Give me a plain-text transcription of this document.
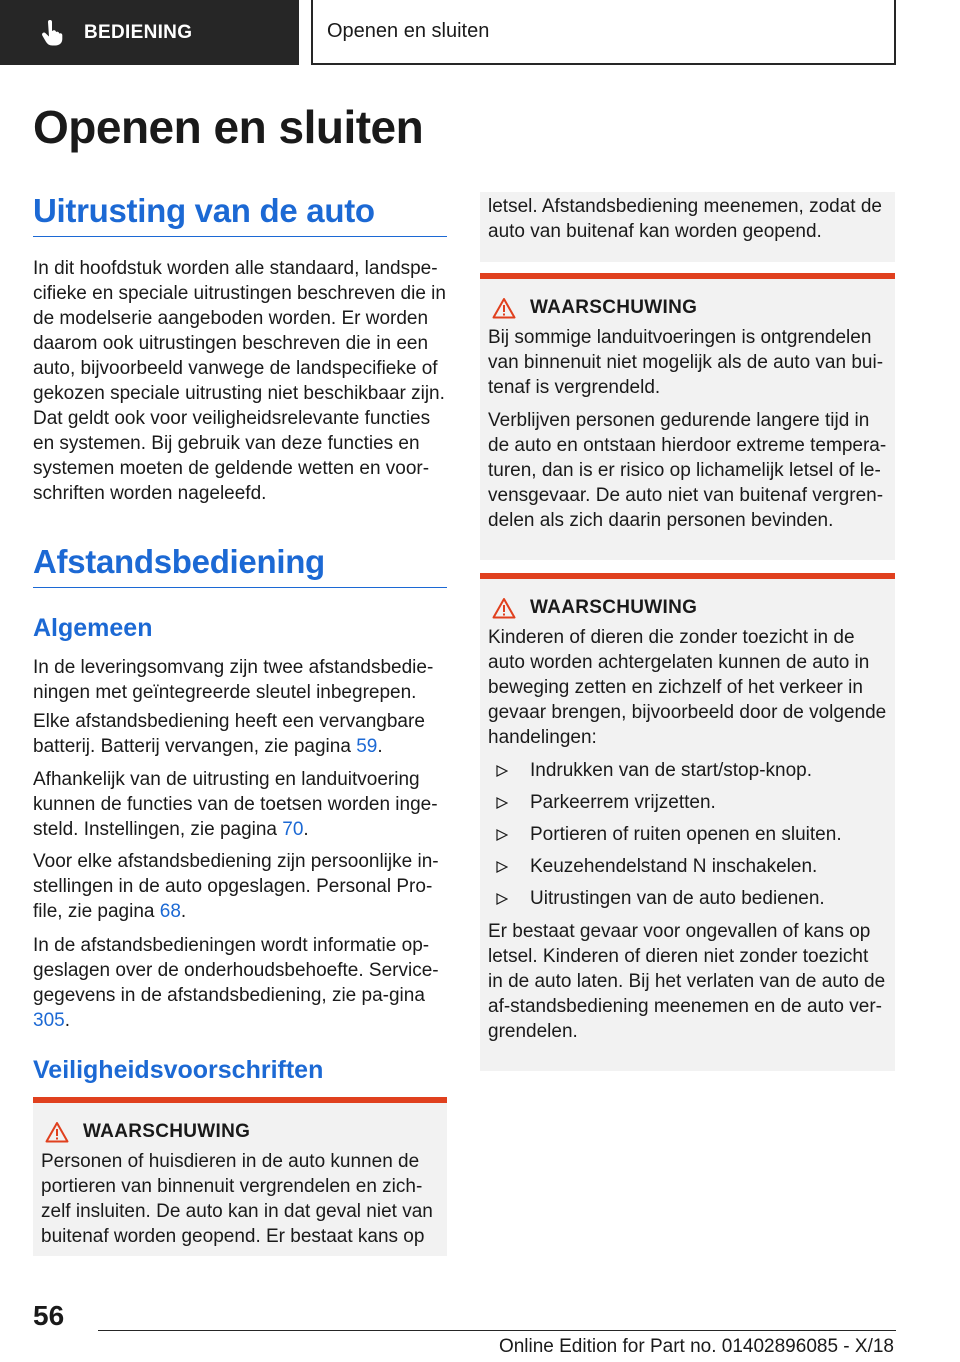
BEDIENING	Openen en sluiten
Openen en sluiten
Uitrusting van de auto
In dit hoofdstuk worden alle standaard, landspe-cifieke en speciale uitrustingen beschreven die in de modelserie aangeboden worden. Er worden daarom ook uitrustingen beschreven die in een auto, bijvoorbeeld vanwege de landspecifieke of gekozen speciale uitrusting niet beschikbaar zijn. Dat geldt ook voor veiligheidsrelevante functies en systemen. Bij gebruik van deze functies en systemen moeten de geldende wetten en voor-schriften worden nageleefd.
Afstandsbediening
Algemeen
In de leveringsomvang zijn twee afstandsbedie-ningen met geïntegreerde sleutel inbegrepen.
Elke afstandsbediening heeft een vervangbare batterij. Batterij vervangen, zie pagina 59.
Afhankelijk van de uitrusting en landuitvoering kunnen de functies van de toetsen worden inge-steld. Instellingen, zie pagina 70.
Voor elke afstandsbediening zijn persoonlijke in-stellingen in de auto opgeslagen. Personal Pro-file, zie pagina 68.
In de afstandsbedieningen wordt informatie op-geslagen over de onderhoudsbehoefte. Service-gegevens in de afstandsbediening, zie pa-gina 305.
Veiligheidsvoorschriften
WAARSCHUWING
Personen of huisdieren in de auto kunnen de portieren van binnenuit vergrendelen en zich-zelf insluiten. De auto kan in dat geval niet van buitenaf worden geopend. Er bestaat kans op
letsel. Afstandsbediening meenemen, zodat de auto van buitenaf kan worden geopend.
WAARSCHUWING
Bij sommige landuitvoeringen is ontgrendelen van binnenuit niet mogelijk als de auto van bui-tenaf is vergrendeld.
Verblijven personen gedurende langere tijd in de auto en ontstaan hierdoor extreme tempera-turen, dan is er risico op lichamelijk letsel of le-vensgevaar. De auto niet van buitenaf vergren-delen als zich daarin personen bevinden.
WAARSCHUWING
Kinderen of dieren die zonder toezicht in de auto worden achtergelaten kunnen de auto in beweging zetten en zichzelf of het verkeer in gevaar brengen, bijvoorbeeld door de volgende handelingen:
Indrukken van de start/stop-knop.
Parkeerrem vrijzetten.
Portieren of ruiten openen en sluiten.
Keuzehendelstand N inschakelen.
Uitrustingen van de auto bedienen.
Er bestaat gevaar voor ongevallen of kans op letsel. Kinderen of dieren niet zonder toezicht in de auto laten. Bij het verlaten van de auto de af-standsbediening meenemen en de auto ver-grendelen.
56
Online Edition for Part no. 01402896085 - X/18
